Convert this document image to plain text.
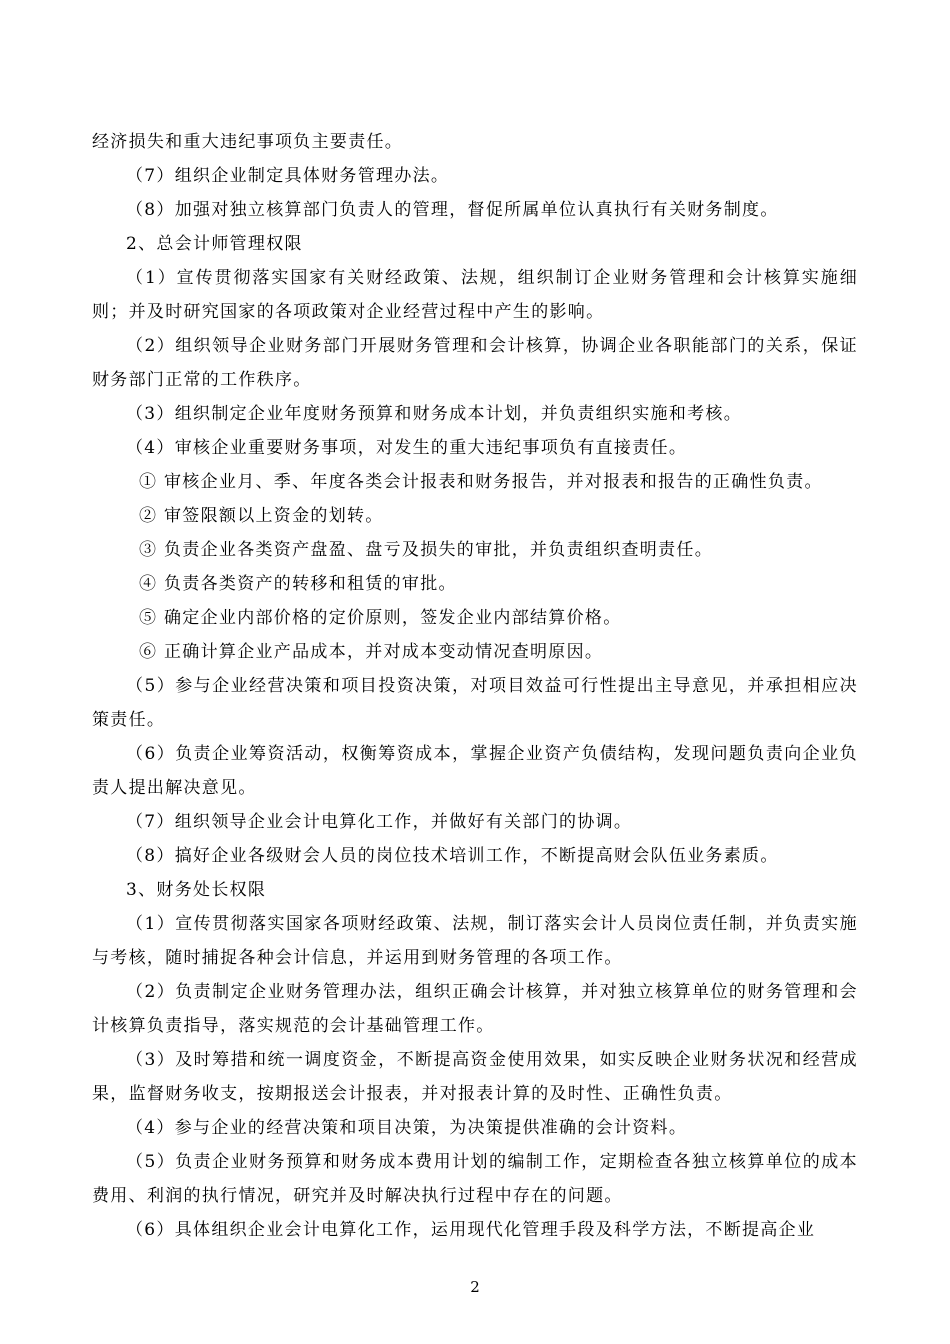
经济损失和重大违纪事项负主要责任。

（7）组织企业制定具体财务管理办法。

（8）加强对独立核算部门负责人的管理，督促所属单位认真执行有关财务制度。

2、总会计师管理权限

（1）宣传贯彻落实国家有关财经政策、法规，组织制订企业财务管理和会计核算实施细则；并及时研究国家的各项政策对企业经营过程中产生的影响。

（2）组织领导企业财务部门开展财务管理和会计核算，协调企业各职能部门的关系，保证财务部门正常的工作秩序。

（3）组织制定企业年度财务预算和财务成本计划，并负责组织实施和考核。

（4）审核企业重要财务事项，对发生的重大违纪事项负有直接责任。

① 审核企业月、季、年度各类会计报表和财务报告，并对报表和报告的正确性负责。

② 审签限额以上资金的划转。

③ 负责企业各类资产盘盈、盘亏及损失的审批，并负责组织查明责任。

④ 负责各类资产的转移和租赁的审批。

⑤ 确定企业内部价格的定价原则，签发企业内部结算价格。

⑥ 正确计算企业产品成本，并对成本变动情况查明原因。

（5）参与企业经营决策和项目投资决策，对项目效益可行性提出主导意见，并承担相应决策责任。

（6）负责企业筹资活动，权衡筹资成本，掌握企业资产负债结构，发现问题负责向企业负责人提出解决意见。

（7）组织领导企业会计电算化工作，并做好有关部门的协调。

（8）搞好企业各级财会人员的岗位技术培训工作，不断提高财会队伍业务素质。

3、财务处长权限

（1）宣传贯彻落实国家各项财经政策、法规，制订落实会计人员岗位责任制，并负责实施与考核，随时捕捉各种会计信息，并运用到财务管理的各项工作。

（2）负责制定企业财务管理办法，组织正确会计核算，并对独立核算单位的财务管理和会计核算负责指导，落实规范的会计基础管理工作。

（3）及时筹措和统一调度资金，不断提高资金使用效果，如实反映企业财务状况和经营成果，监督财务收支，按期报送会计报表，并对报表计算的及时性、正确性负责。

（4）参与企业的经营决策和项目决策，为决策提供准确的会计资料。

（5）负责企业财务预算和财务成本费用计划的编制工作，定期检查各独立核算单位的成本费用、利润的执行情况，研究并及时解决执行过程中存在的问题。

（6）具体组织企业会计电算化工作，运用现代化管理手段及科学方法，不断提高企业

2
